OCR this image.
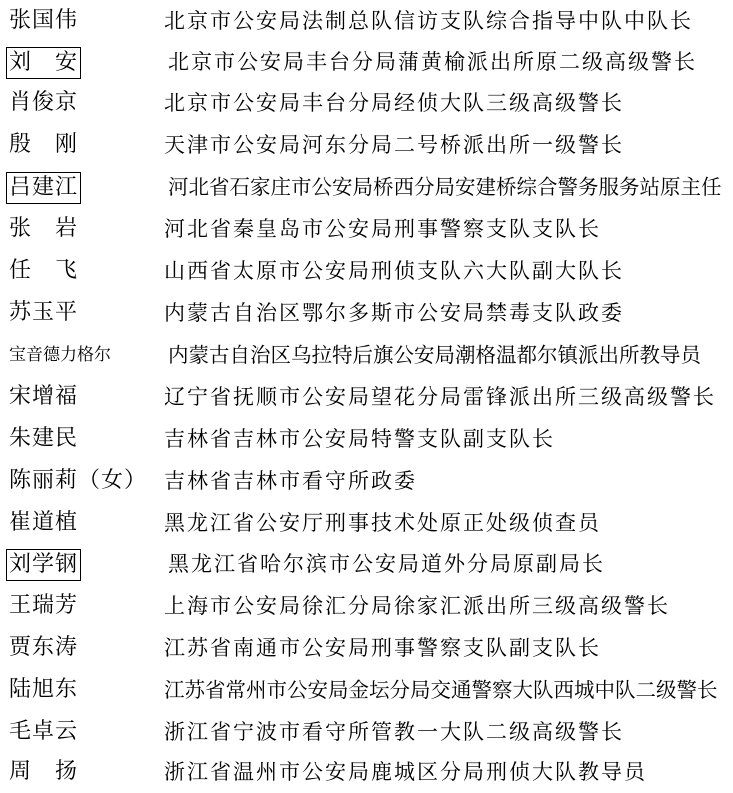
张国伟	北京市公安局法制总队信访支队综合指导中队中队长
刘　安	北京市公安局丰台分局蒲黄榆派出所原二级高级警长
肖俊京	北京市公安局丰台分局经侦大队三级高级警长
殷　刚	天津市公安局河东分局二号桥派出所一级警长
吕建江	河北省石家庄市公安局桥西分局安建桥综合警务服务站原主任
张　岩	河北省秦皇岛市公安局刑事警察支队支队长
任　飞	山西省太原市公安局刑侦支队六大队副大队长
苏玉平	内蒙古自治区鄂尔多斯市公安局禁毒支队政委
宝音德力格尔	内蒙古自治区乌拉特后旗公安局潮格温都尔镇派出所教导员
宋增福	辽宁省抚顺市公安局望花分局雷锋派出所三级高级警长
朱建民	吉林省吉林市公安局特警支队副支队长
陈丽莉（女） 吉林省吉林市看守所政委
崔道植	黑龙江省公安厅刑事技术处原正处级侦查员
刘学钢	黑龙江省哈尔滨市公安局道外分局原副局长
王瑞芳	上海市公安局徐汇分局徐家汇派出所三级高级警长
贾东涛	江苏省南通市公安局刑事警察支队副支队长
陆旭东	江苏省常州市公安局金坛分局交通警察大队西城中队二级警长
毛卓云	浙江省宁波市看守所管教一大队二级高级警长
周　扬	浙江省温州市公安局鹿城区分局刑侦大队教导员
